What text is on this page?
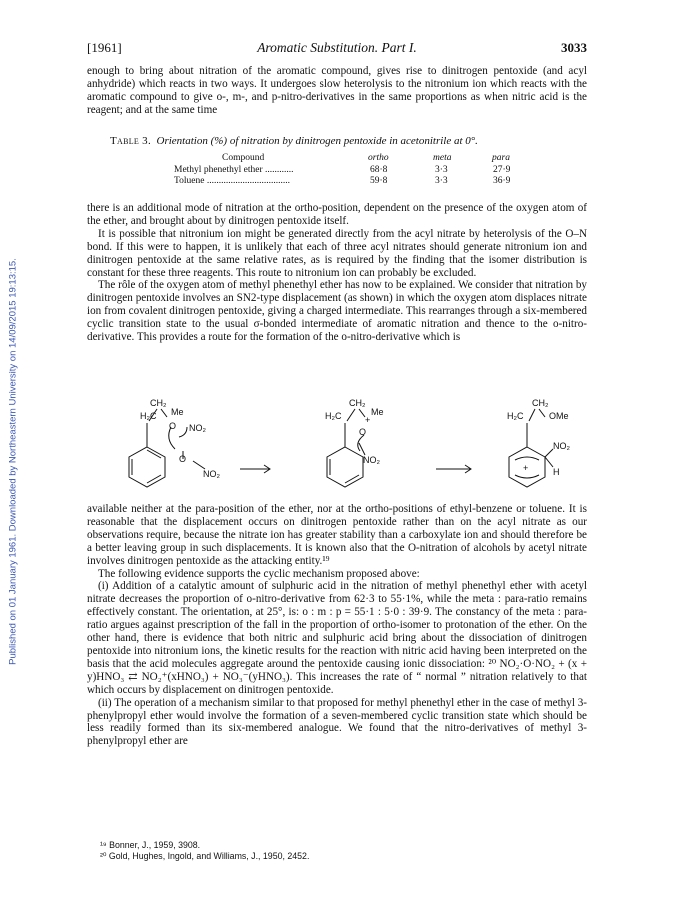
Published on 01 January 1961. Downloaded by Northeastern University on 14/09/2015 19:13:15.
[1961]	Aromatic Substitution. Part I.	3033

enough to bring about nitration of the aromatic compound, gives rise to dinitrogen pentoxide (and acyl anhydride) which reacts in two ways. It undergoes slow heterolysis to the nitronium ion which reacts with the aromatic compound to give o-, m-, and p-nitro-derivatives in the same proportions as when nitric acid is the reagent; and at the same time

Table 3. Orientation (%) of nitration by dinitrogen pentoxide in acetonitrile at 0°.
Compound	ortho	meta	para
Methyl phenethyl ether ............	68·8	3·3	27·9
Toluene ...................................	59·8	3·3	36·9

there is an additional mode of nitration at the ortho-position, dependent on the presence of the oxygen atom of the ether, and brought about by dinitrogen pentoxide itself.

It is possible that nitronium ion might be generated directly from the acyl nitrate by heterolysis of the O–N bond. If this were to happen, it is unlikely that each of three acyl nitrates should generate nitronium ion and dinitrogen pentoxide at the same relative rates, as is required by the finding that the isomer distribution is constant for these three reagents. This route to nitronium ion can probably be excluded.

The rôle of the oxygen atom of methyl phenethyl ether has now to be explained. We consider that nitration by dinitrogen pentoxide involves an SN2-type displacement (as shown) in which the oxygen atom displaces nitrate ion from covalent dinitrogen pentoxide, giving a charged intermediate. This rearranges through a six-membered cyclic transition state to the usual σ-bonded intermediate of aromatic nitration and thence to the o-nitro-derivative. This provides a route for the formation of the o-nitro-derivative which is

H₂C
CH₂
Me
O NO₂
O
NO₂
H₂C
CH₂
Me
O
+
NO₂
H₂C
CH₂
OMe
NO₂
H
+

available neither at the para-position of the ether, nor at the ortho-positions of ethyl-benzene or toluene. It is reasonable that the displacement occurs on dinitrogen pentoxide rather than on the acyl nitrate as our observations require, because the nitrate ion has greater stability than a carboxylate ion and should therefore be a better leaving group in such displacements. It is known also that the O-nitration of alcohols by acetyl nitrate involves dinitrogen pentoxide as the attacking entity.¹⁹

The following evidence supports the cyclic mechanism proposed above:

(i) Addition of a catalytic amount of sulphuric acid in the nitration of methyl phenethyl ether with acetyl nitrate decreases the proportion of o-nitro-derivative from 62·3 to 55·1%, while the meta : para-ratio remains effectively constant. The orientation, at 25°, is: o : m : p = 55·1 : 5·0 : 39·9. The constancy of the meta : para-ratio argues against prescription of the fall in the proportion of ortho-isomer to protonation of the ether. On the other hand, there is evidence that both nitric and sulphuric acid bring about the dissociation of dinitrogen pentoxide into nitronium ions, the kinetic results for the reaction with nitric acid having been interpreted on the basis that the acid molecules aggregate around the pentoxide causing ionic dissociation: ²⁰ NO₂·O·NO₂ + (x + y)HNO₃ ⇄ NO₂⁺(xHNO₃) + NO₃⁻(yHNO₃). This increases the rate of “ normal ” nitration relatively to that which occurs by displacement on dinitrogen pentoxide.

(ii) The operation of a mechanism similar to that proposed for methyl phenethyl ether in the case of methyl 3-phenylpropyl ether would involve the formation of a seven-membered cyclic transition state which should be less readily formed than its six-membered analogue. We found that the nitro-derivatives of methyl 3-phenylpropyl ether are

¹⁹ Bonner, J., 1959, 3908.
²⁰ Gold, Hughes, Ingold, and Williams, J., 1950, 2452.
